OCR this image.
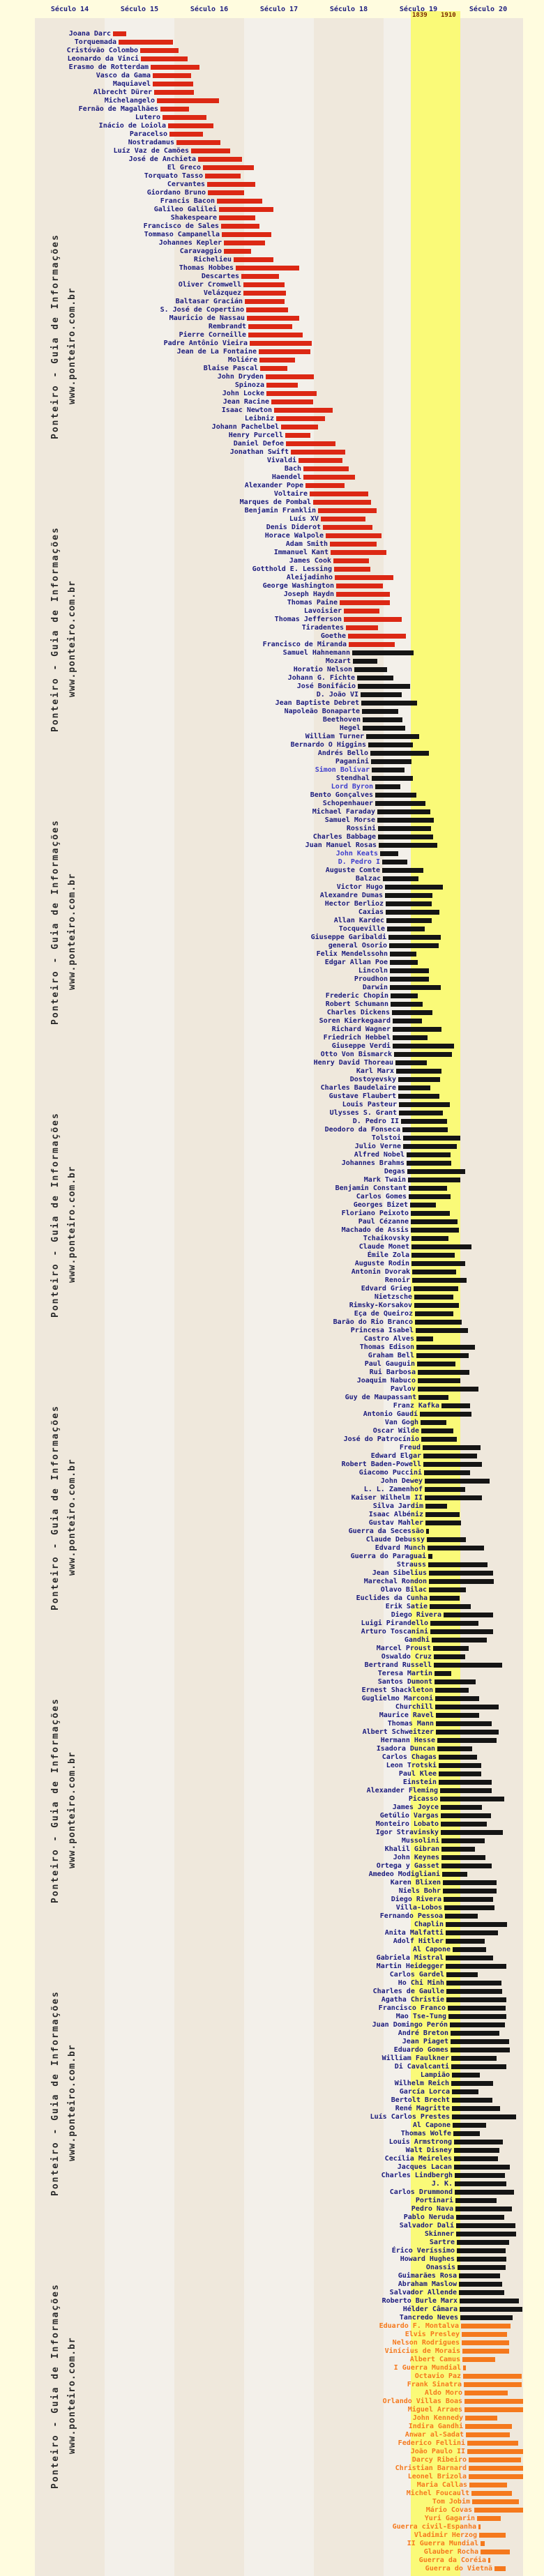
Século 14	Século 15	Século 16	Século 17	Século 18	Século 19	Século 20
1839 1910
Joana Darc
Torquemada
Cristóvão Colombo
Leonardo da Vinci
Erasmo de Rotterdam
Vasco da Gama
Maquiavel
Albrecht Dürer
Michelangelo
Fernão de Magalhães
Lutero
Inácio de Loiola
Paracelso
Nostradamus
Luíz Vaz de Camões
José de Anchieta
El Greco
Torquato Tasso
Cervantes
Giordano Bruno
Francis Bacon
Galileo Galilei
Shakespeare
Francisco de Sales
Tommaso Campanella
Johannes Kepler
Caravaggio
Richelieu
Thomas Hobbes
Descartes
Oliver Cromwell
Velázquez
Baltasar Gracián
S. José de Copertino
Mauricio de Nassau
Rembrandt
Pierre Corneille
Padre Antônio Vieira
Jean de La Fontaine
Moliére
Blaise Pascal
John Dryden
Spinoza
John Locke
Jean Racine
Isaac Newton
Leibniz
Johann Pachelbel
Henry Purcell
Daniel Defoe
Jonathan Swift
Vivaldi
Bach
Haendel
Alexander Pope
Voltaire
Marques de Pombal
Benjamin Franklin
Luís XV
Denis Diderot
Horace Walpole
Adam Smith
Immanuel Kant
James Cook
Gotthold E. Lessing
Aleijadinho
George Washington
Joseph Haydn
Thomas Paine
Lavoisier
Thomas Jefferson
Tiradentes
Goethe
Francisco de Miranda
Samuel Hahnemann
Mozart
Horatio Nelson
Johann G. Fichte
José Bonifácio
D. João VI
Jean Baptiste Debret
Napoleão Bonaparte
Beethoven
Hegel
William Turner
Bernardo O Higgins
Andrés Bello
Paganini
Simon Bolívar
Stendhal
Lord Byron
Bento Gonçalves
Schopenhauer
Michael Faraday
Samuel Morse
Rossini
Charles Babbage
Juan Manuel Rosas
John Keats
D. Pedro I
Auguste Comte
Balzac
Victor Hugo
Alexandre Dumas
Hector Berlioz
Caxias
Allan Kardec
Tocqueville
Giuseppe Garibaldi
general Osorio
Felix Mendelssohn
Edgar Allan Poe
Lincoln
Proudhon
Darwin
Frederic Chopin
Robert Schumann
Charles Dickens
Soren Kierkegaard
Richard Wagner
Friedrich Hebbel
Giuseppe Verdi
Otto Von Bismarck
Henry David Thoreau
Karl Marx
Dostoyevsky
Charles Baudelaire
Gustave Flaubert
Louis Pasteur
Ulysses S. Grant
D. Pedro II
Deodoro da Fonseca
Tolstoi
Julio Verne
Alfred Nobel
Johannes Brahms
Degas
Mark Twain
Benjamin Constant
Carlos Gomes
Georges Bizet
Floriano Peixoto
Paul Cézanne
Machado de Assis
Tchaikovsky
Claude Monet
Émile Zola
Auguste Rodin
Antonin Dvorak
Renoir
Edvard Grieg
Nietzsche
Rimsky-Korsakov
Eça de Queiroz
Barão do Rio Branco
Princesa Isabel
Castro Alves
Thomas Edison
Graham Bell
Paul Gauguin
Rui Barbosa
Joaquim Nabuco
Pavlov
Guy de Maupassant
Franz Kafka
Antonio Gaudí
Van Gogh
Oscar Wilde
José do Patrocínio
Freud
Edward Elgar
Robert Baden-Powell
Giacomo Puccini
John Dewey
L. L. Zamenhof
Kaiser Wilhelm II
Silva Jardim
Isaac Albéniz
Gustav Mahler
Guerra da Secessão
Claude Debussy
Edvard Munch
Guerra do Paraguai
Strauss
Jean Sibelius
Marechal Rondon
Olavo Bilac
Euclides da Cunha
Erik Satie
Diego Rivera
Luigi Pirandello
Arturo Toscanini
Gandhi
Marcel Proust
Oswaldo Cruz
Bertrand Russell
Teresa Martin
Santos Dumont
Ernest Shackleton
Guglielmo Marconi
Churchill
Maurice Ravel
Thomas Mann
Albert Schweitzer
Hermann Hesse
Isadora Duncan
Carlos Chagas
Leon Trotski
Paul Klee
Einstein
Alexander Fleming
Picasso
James Joyce
Getúlio Vargas
Monteiro Lobato
Igor Stravinsky
Mussolini
Khalil Gibran
John Keynes
Ortega y Gasset
Amedeo Modigliani
Karen Blixen
Niels Bohr
Diego Rivera
Villa-Lobos
Fernando Pessoa
Chaplin
Anita Malfatti
Adolf Hitler
Al Capone
Gabriela Mistral
Martin Heidegger
Carlos Gardel
Ho Chi Minh
Charles de Gaulle
Agatha Christie
Francisco Franco
Mao Tse-Tung
Juan Domingo Perón
André Breton
Jean Piaget
Eduardo Gomes
William Faulkner
Di Cavalcanti
Lampião
Wilhelm Reich
García Lorca
Bertolt Brecht
René Magritte
Luís Carlos Prestes
Al Capone
Thomas Wolfe
Louis Armstrong
Walt Disney
Cecília Meireles
Jacques Lacan
Charles Lindbergh
J. K.
Carlos Drummond
Portinari
Pedro Nava
Pablo Neruda
Salvador Dalí
Skinner
Sartre
Érico Veríssimo
Howard Hughes
Onassis
Guimarães Rosa
Abraham Maslow
Salvador Allende
Roberto Burle Marx
Hélder Câmara
Tancredo Neves
Eduardo F. Montalva
Elvis Presley
Nelson Rodrigues
Vinícius de Morais
Albert Camus
I Guerra Mundial
Octavio Paz
Frank Sinatra
Aldo Moro
Orlando Villas Boas
Miguel Arraes
John Kennedy
Indira Gandhi
Anwar al-Sadat
Federico Fellini
João Paulo II
Darcy Ribeiro
Christian Barnard
Leonel Brizola
Maria Callas
Michel Foucault
Tom Jobim
Mário Covas
Yuri Gagarin
Guerra civil-Espanha
Vladimir Herzog
II Guerra Mundial
Glauber Rocha
Guerra da Coréia
Guerra do Vietnã
Ponteiro - Guia de Informações www.ponteiro.com.br
Ponteiro - Guia de Informações www.ponteiro.com.br
Ponteiro - Guia de Informações www.ponteiro.com.br
Ponteiro - Guia de Informações www.ponteiro.com.br
Ponteiro - Guia de Informações www.ponteiro.com.br
Ponteiro - Guia de Informações www.ponteiro.com.br
Ponteiro - Guia de Informações www.ponteiro.com.br
Ponteiro - Guia de Informações www.ponteiro.com.br
